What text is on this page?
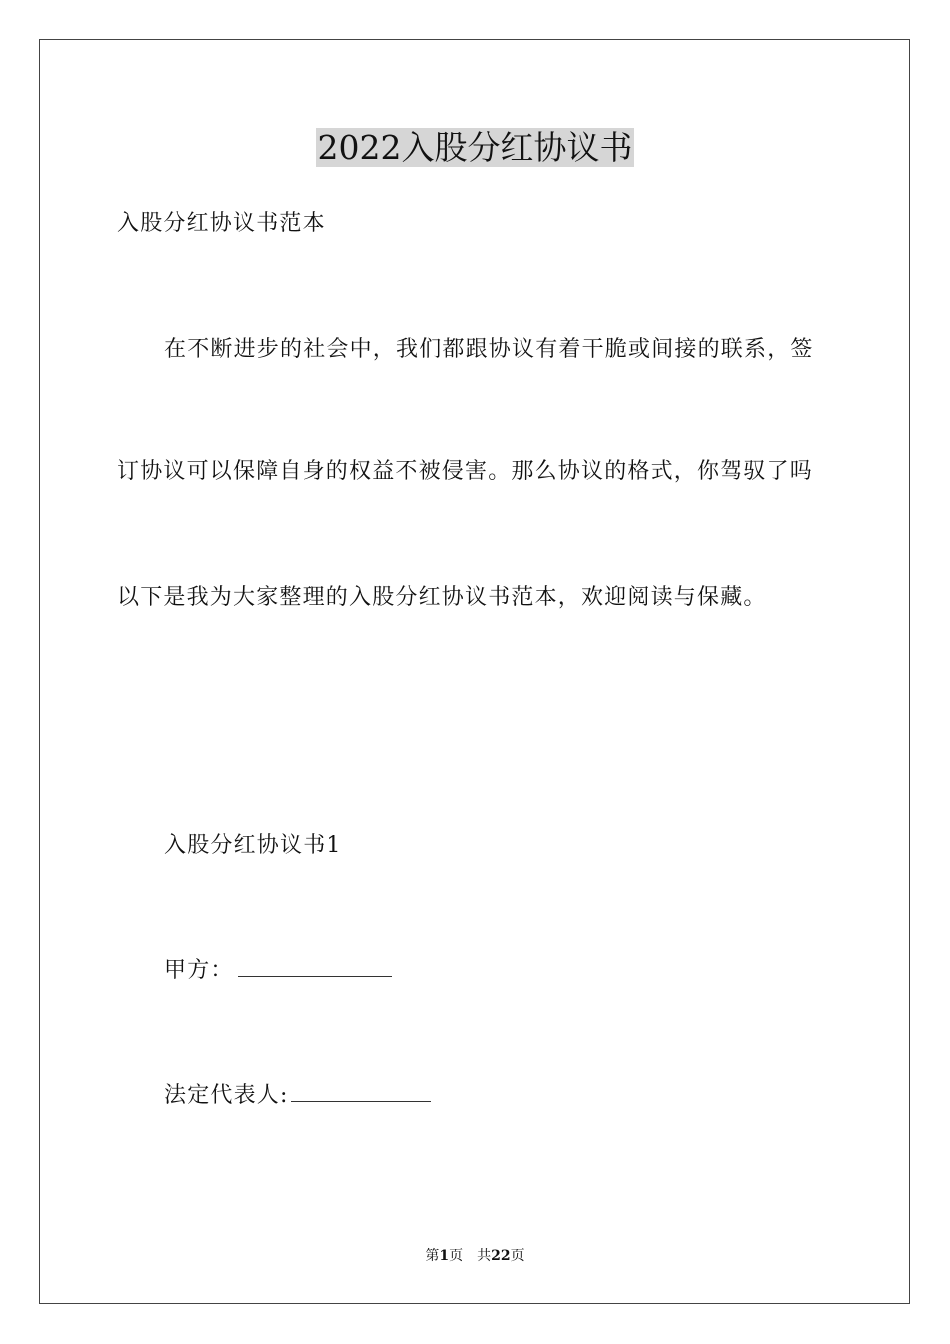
2022入股分红协议书
入股分红协议书范本
在不断进步的社会中，我们都跟协议有着干脆或间接的联系，签
订协议可以保障自身的权益不被侵害。那么协议的格式，你驾驭了吗
以下是我为大家整理的入股分红协议书范本，欢迎阅读与保藏。
入股分红协议书1
甲方：
法定代表人:
第1页　共22页
